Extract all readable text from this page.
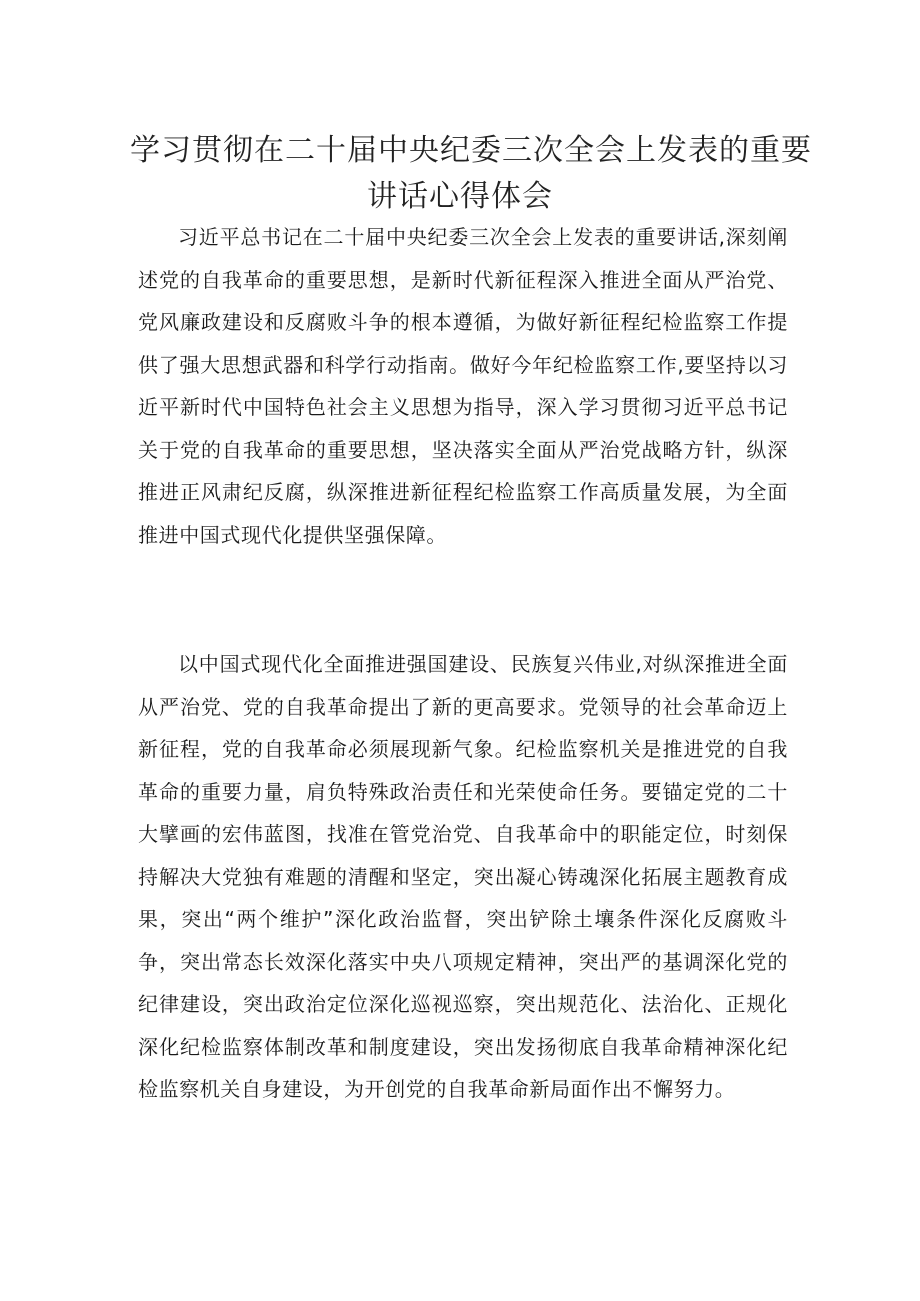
学习贯彻在二十届中央纪委三次全会上发表的重要
讲话心得体会

习近平总书记在二十届中央纪委三次全会上发表的重要讲话,深刻阐述党的自我革命的重要思想，是新时代新征程深入推进全面从严治党、党风廉政建设和反腐败斗争的根本遵循，为做好新征程纪检监察工作提供了强大思想武器和科学行动指南。做好今年纪检监察工作,要坚持以习近平新时代中国特色社会主义思想为指导，深入学习贯彻习近平总书记关于党的自我革命的重要思想，坚决落实全面从严治党战略方针，纵深推进正风肃纪反腐，纵深推进新征程纪检监察工作高质量发展，为全面推进中国式现代化提供坚强保障。

以中国式现代化全面推进强国建设、民族复兴伟业,对纵深推进全面从严治党、党的自我革命提出了新的更高要求。党领导的社会革命迈上新征程，党的自我革命必须展现新气象。纪检监察机关是推进党的自我革命的重要力量，肩负特殊政治责任和光荣使命任务。要锚定党的二十大擘画的宏伟蓝图，找准在管党治党、自我革命中的职能定位，时刻保持解决大党独有难题的清醒和坚定，突出凝心铸魂深化拓展主题教育成果，突出“两个维护”深化政治监督，突出铲除土壤条件深化反腐败斗争，突出常态长效深化落实中央八项规定精神，突出严的基调深化党的纪律建设，突出政治定位深化巡视巡察，突出规范化、法治化、正规化深化纪检监察体制改革和制度建设，突出发扬彻底自我革命精神深化纪检监察机关自身建设，为开创党的自我革命新局面作出不懈努力。
